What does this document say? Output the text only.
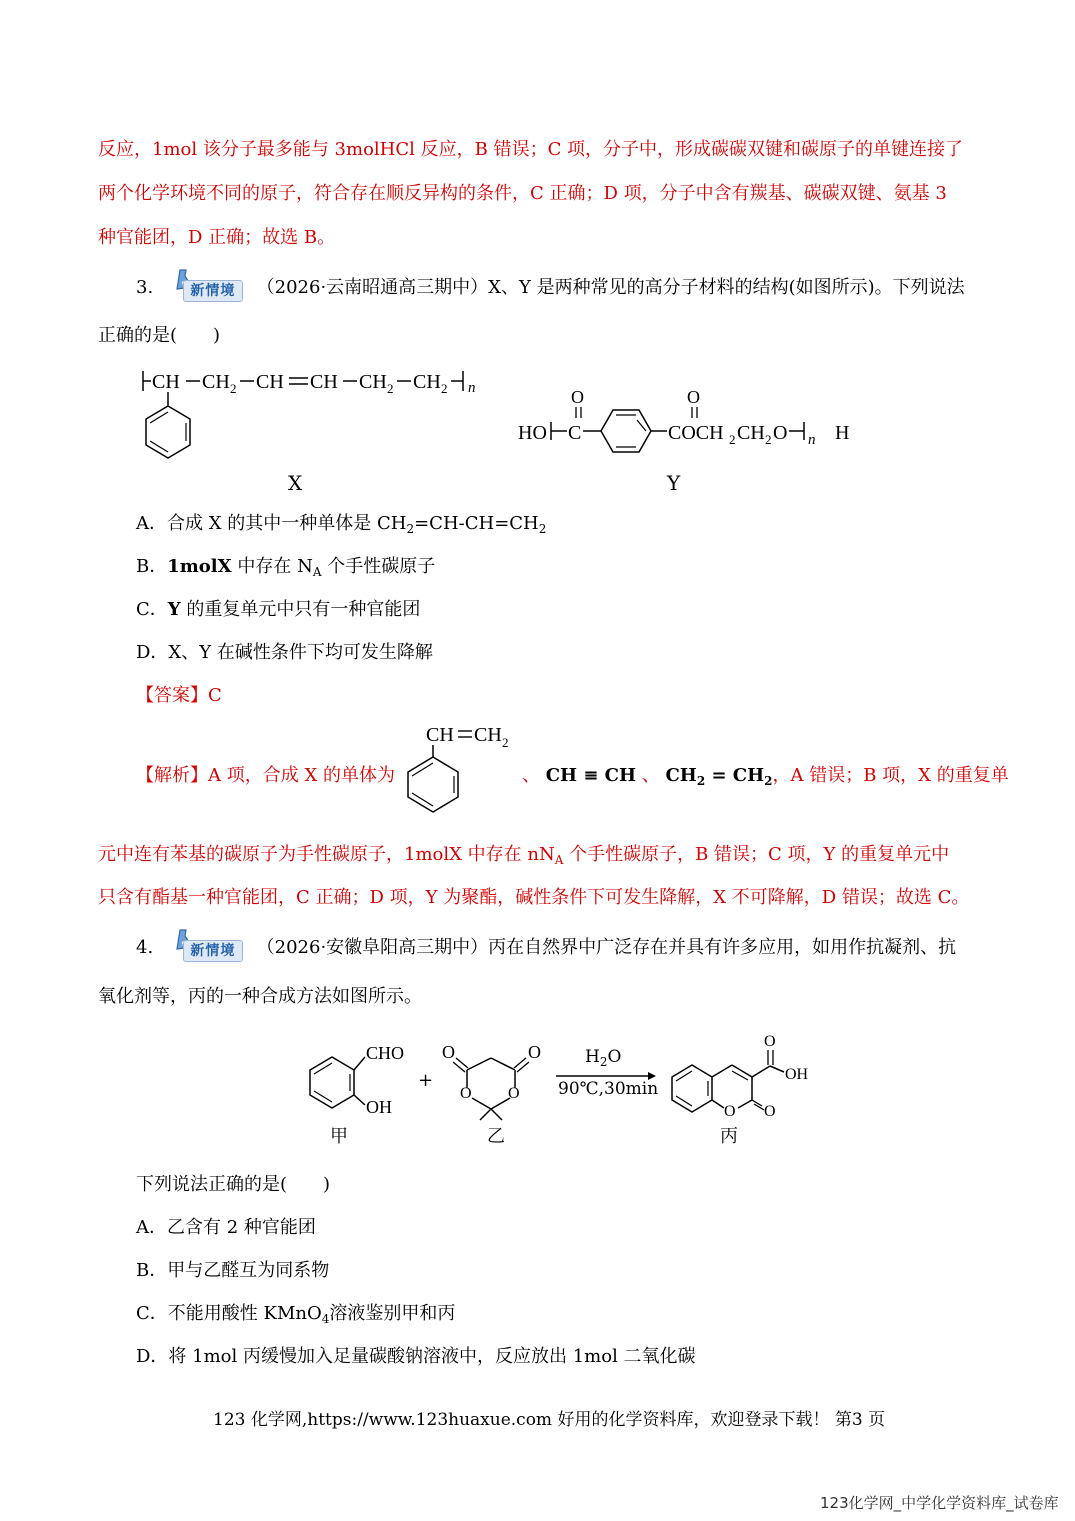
反应，1mol 该分子最多能与 3molHCl 反应，B 错误；C 项，分子中，形成碳碳双键和碳原子的单键连接了
两个化学环境不同的原子，符合存在顺反异构的条件，C 正确；D 项，分子中含有羰基、碳碳双键、氨基 3
种官能团，D 正确；故选 B。
3.	新情境	（2026·云南昭通高三期中）X、Y 是两种常见的高分子材料的结构(如图所示)。下列说法
正确的是(　　)
CH CH 2 CH CH CH 2 CH 2 n
X
HO C
O
COCH
O
2 CH 2 O n H
Y
A．合成 X 的其中一种单体是 $CH_2=CH-CH=CH_2$
B．1molX 中存在 $N_A$ 个手性碳原子
C．Y 的重复单元中只有一种官能团
D．X、Y 在碱性条件下均可发生降解
【答案】C
CH CH 2
【解析】A 项，合成 X 的单体为	、 CH ≡ CH 、 $CH_2 = CH_2$，A 错误；B 项，X 的重复单
元中连有苯基的碳原子为手性碳原子，1molX 中存在 $nN_A$ 个手性碳原子，B 错误；C 项，Y 的重复单元中
只含有酯基一种官能团，C 正确；D 项，Y 为聚酯，碱性条件下可发生降解，X 不可降解，D 错误；故选 C。
4.	新情境	（2026·安徽阜阳高三期中）丙在自然界中广泛存在并具有许多应用，如用作抗凝剂、抗
氧化剂等，丙的一种合成方法如图所示。
CHO
OH
甲
+
O	O
O O
乙
$H_2O$
90℃,30min
O O
O
OH
丙
下列说法正确的是(　　)
A．乙含有 2 种官能团
B．甲与乙醛互为同系物
C．不能用酸性 KMnO$_4$溶液鉴别甲和丙
D．将 1mol 丙缓慢加入足量碳酸钠溶液中，反应放出 1mol 二氧化碳
123 化学网,https://www.123huaxue.com 好用的化学资料库，欢迎登录下载！ 第3 页
123化学网_中学化学资料库_试卷库
